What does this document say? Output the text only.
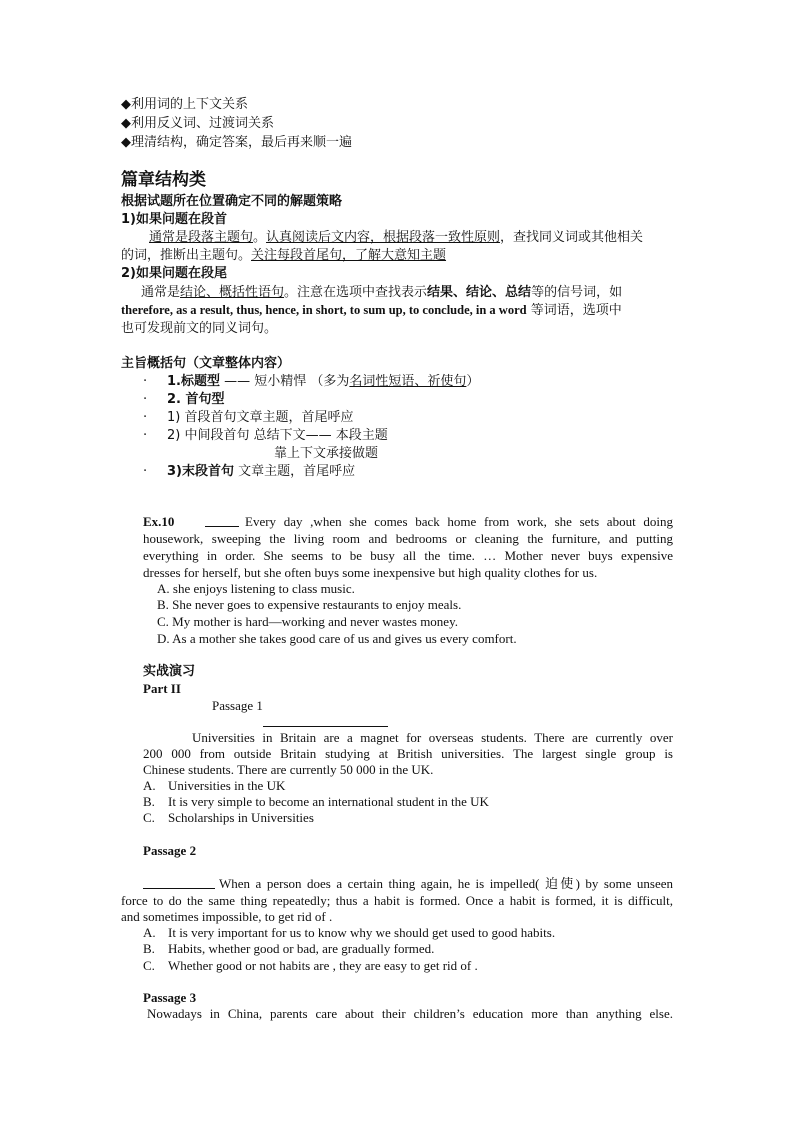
◆利用词的上下文关系
◆利用反义词、过渡词关系
◆理清结构，确定答案，最后再来顺一遍
篇章结构类
根据试题所在位置确定不同的解题策略
1)如果问题在段首
通常是段落主题句。认真阅读后文内容，根据段落一致性原则，查找同义词或其他相关
的词，推断出主题句。关注每段首尾句，了解大意知主题
2)如果问题在段尾
通常是结论、概括性语句。注意在选项中查找表示结果、结论、总结等的信号词，如
therefore, as a result, thus, hence, in short, to sum up, to conclude, in a word 等词语，选项中
也可发现前文的同义词句。
主旨概括句（文章整体内容）
· 1.标题型 —— 短小精悍 （多为名词性短语、祈使句）
· 2. 首句型
· 1) 首段首句文章主题，首尾呼应
· 2) 中间段首句 总结下文—— 本段主题
靠上下文承接做题
· 3)末段首句 文章主题，首尾呼应
Ex.10	Every day ,when she comes back home from work, she sets about doing
housework, sweeping the living room and bedrooms or cleaning the furniture, and putting
everything in order. She seems to be busy all the time. … Mother never buys expensive
dresses for herself, but she often buys some inexpensive but high quality clothes for us.
A. she enjoys listening to class music.
B. She never goes to expensive restaurants to enjoy meals.
C. My mother is hard—working and never wastes money.
D. As a mother she takes good care of us and gives us every comfort.
实战演习
Part II
Passage 1
Universities in Britain are a magnet for overseas students. There are currently over
200 000 from outside Britain studying at British universities. The largest single group is
Chinese students. There are currently 50 000 in the UK.
A. Universities in the UK
B. It is very simple to become an international student in the UK
C. Scholarships in Universities
Passage 2
When a person does a certain thing again, he is impelled( 迫使) by some unseen
force to do the same thing repeatedly; thus a habit is formed. Once a habit is formed, it is difficult,
and sometimes impossible, to get rid of .
A. It is very important for us to know why we should get used to good habits.
B. Habits, whether good or bad, are gradually formed.
C. Whether good or not habits are , they are easy to get rid of .
Passage 3
Nowadays in China, parents care about their children’s education more than anything else.
